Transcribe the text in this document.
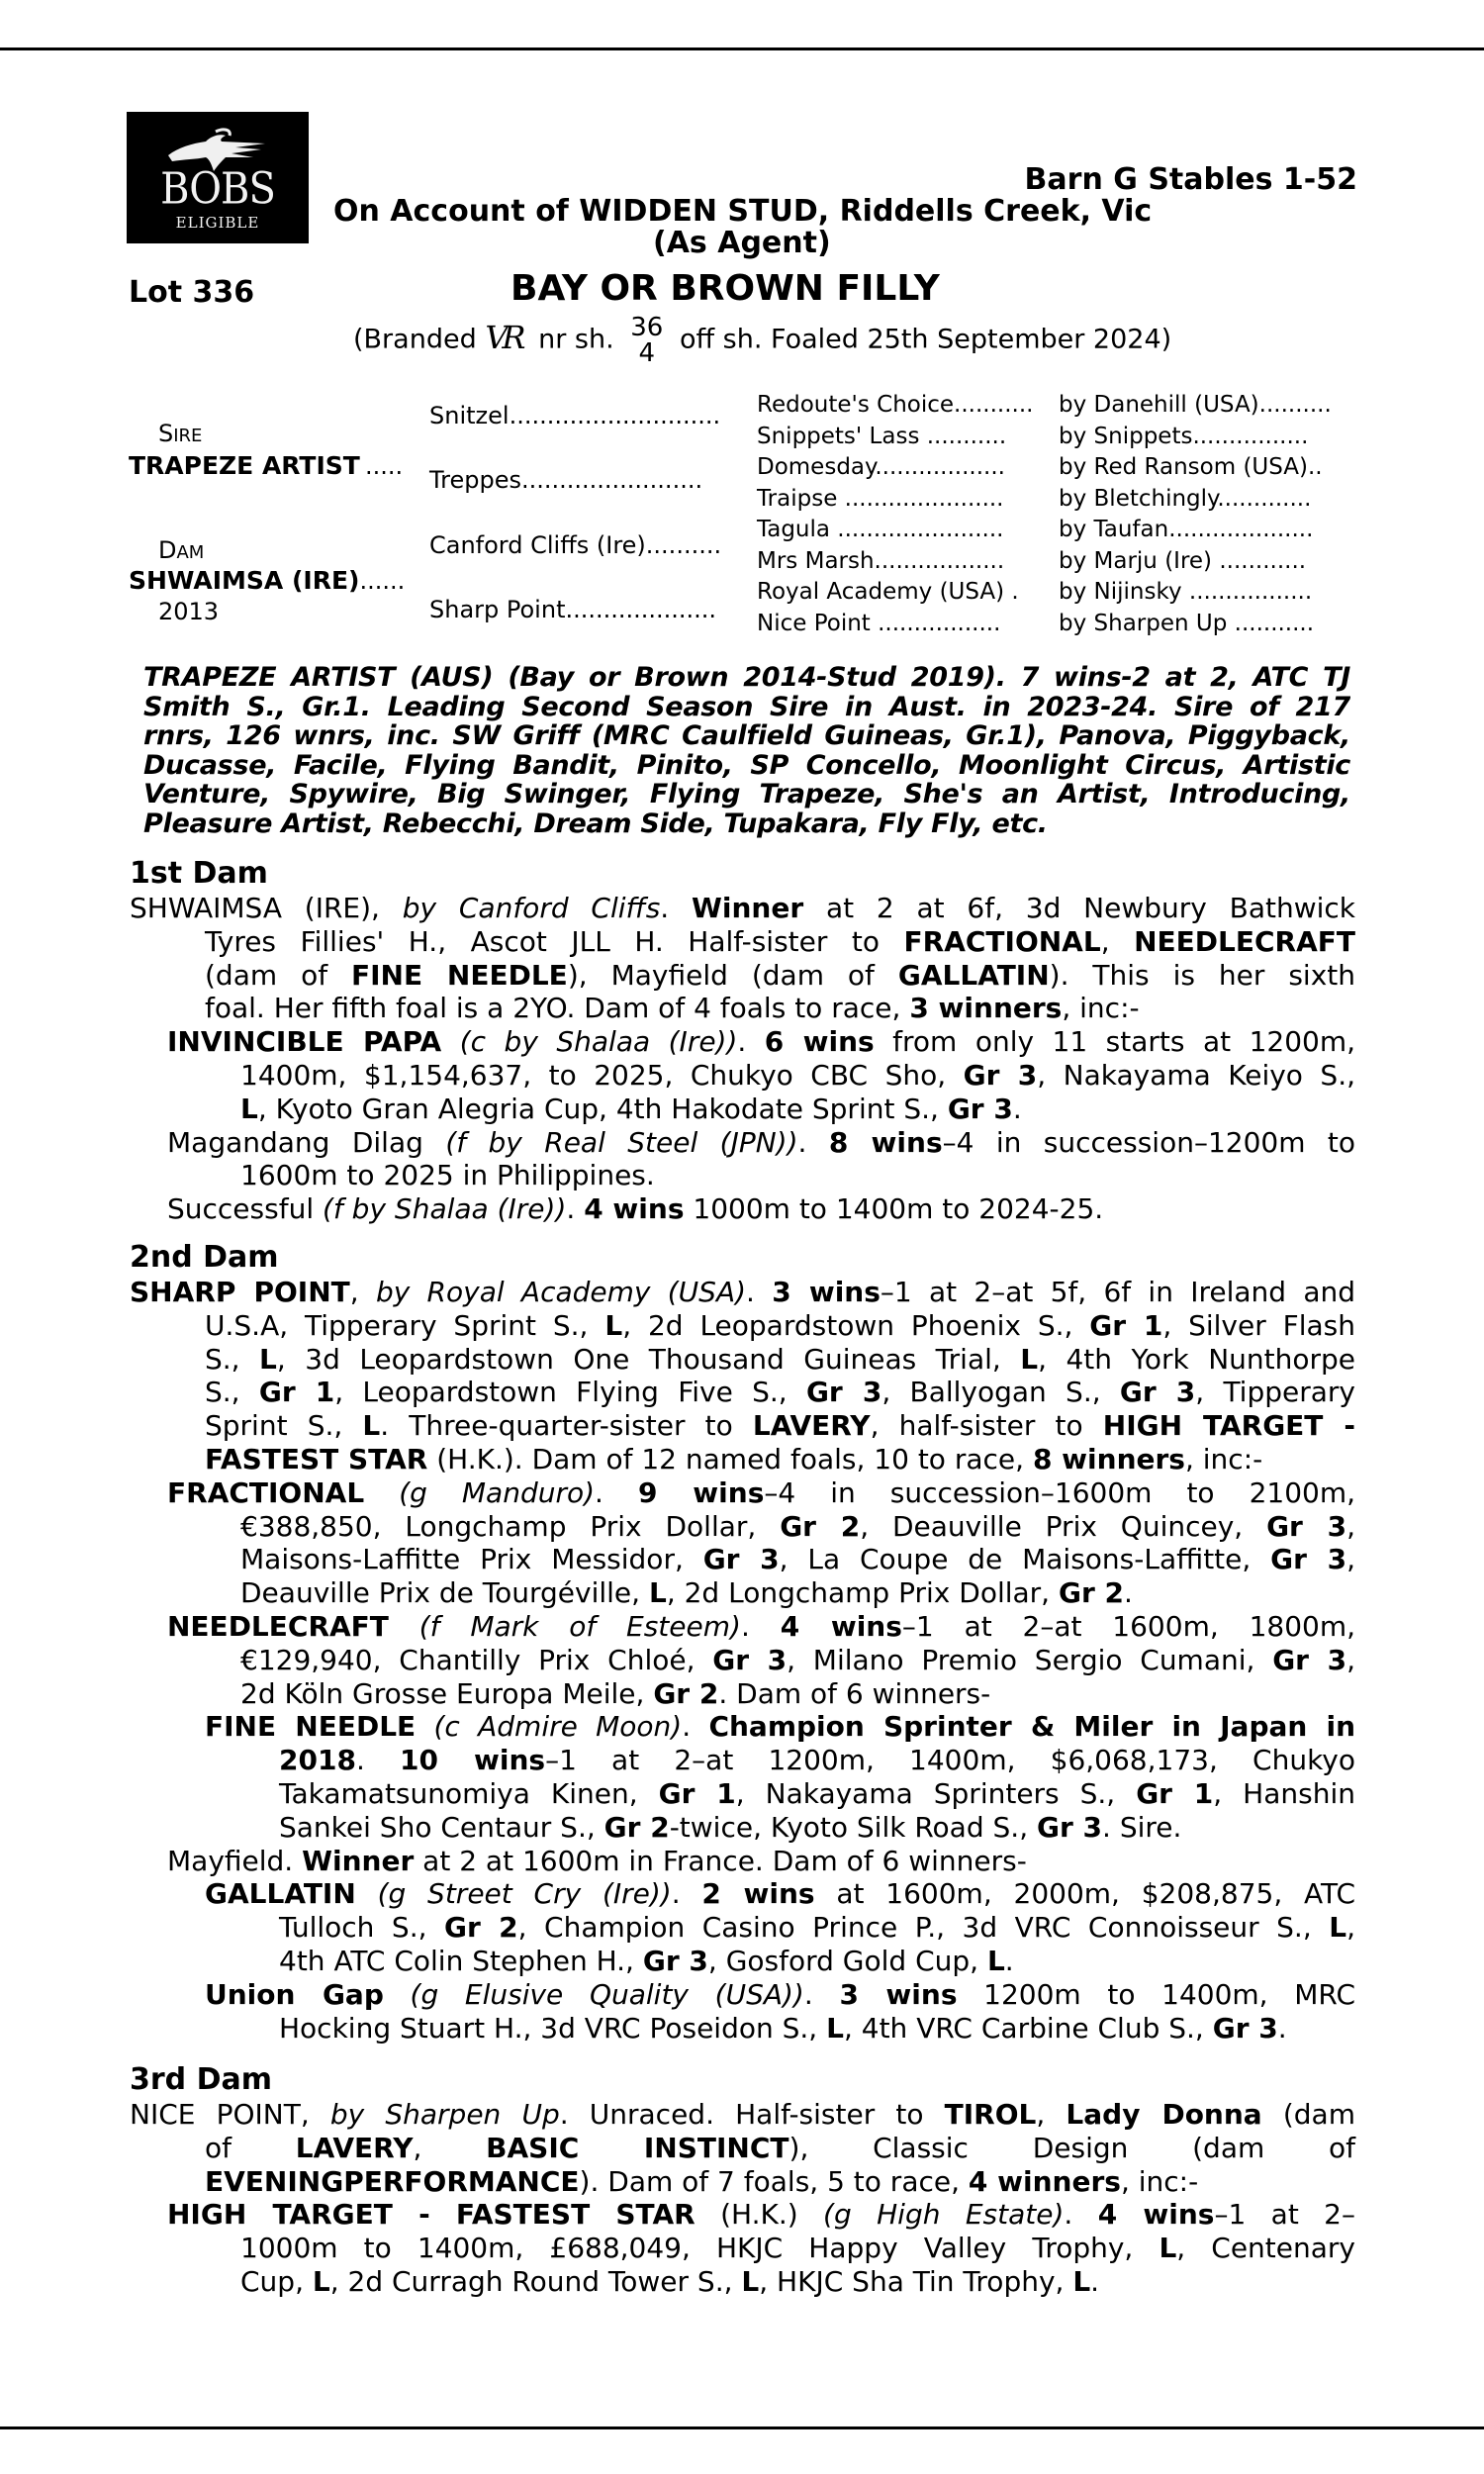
BOBS
ELIGIBLE
Barn G Stables 1-52
On Account of WIDDEN STUD, Riddells Creek, Vic
(As Agent)
Lot 336	BAY OR BROWN FILLY
(Branded VR nr sh. 36
4 off sh. Foaled 25th September 2024)
SIRE
TRAPEZE ARTIST .....
DAM
SHWAIMSA (IRE)......
2013
Snitzel............................
Treppes........................
Canford Cliffs (Ire)..........
Sharp Point....................
Redoute's Choice........... by Danehill (USA)..........
Snippets' Lass ........... by Snippets................
Domesday.................. by Red Ransom (USA)..
Traipse ...................... by Bletchingly.............
Tagula ....................... by Taufan....................
Mrs Marsh.................. by Marju (Ire) ............
Royal Academy (USA) . by Nijinsky .................
Nice Point .................	by Sharpen Up ...........
TRAPEZE ARTIST (AUS) (Bay or Brown 2014-Stud 2019). 7 wins-2 at 2, ATC TJ
Smith S., Gr.1. Leading Second Season Sire in Aust. in 2023-24. Sire of 217
rnrs, 126 wnrs, inc. SW Griff (MRC Caulfield Guineas, Gr.1), Panova, Piggyback,
Ducasse, Facile, Flying Bandit, Pinito, SP Concello, Moonlight Circus, Artistic
Venture, Spywire, Big Swinger, Flying Trapeze, She's an Artist, Introducing,
Pleasure Artist, Rebecchi, Dream Side, Tupakara, Fly Fly, etc.
1st Dam
SHWAIMSA (IRE), by Canford Cliffs. Winner at 2 at 6f, 3d Newbury Bathwick
Tyres Fillies' H., Ascot JLL H. Half-sister to FRACTIONAL, NEEDLECRAFT
(dam of FINE NEEDLE), Mayfield (dam of GALLATIN). This is her sixth
foal. Her fifth foal is a 2YO. Dam of 4 foals to race, 3 winners, inc:-
INVINCIBLE PAPA (c by Shalaa (Ire)). 6 wins from only 11 starts at 1200m,
1400m, $1,154,637, to 2025, Chukyo CBC Sho, Gr 3, Nakayama Keiyo S.,
L, Kyoto Gran Alegria Cup, 4th Hakodate Sprint S., Gr 3.
Magandang Dilag (f by Real Steel (JPN)). 8 wins–4 in succession–1200m to
1600m to 2025 in Philippines.
Successful (f by Shalaa (Ire)). 4 wins 1000m to 1400m to 2024-25.
2nd Dam
SHARP POINT, by Royal Academy (USA). 3 wins–1 at 2–at 5f, 6f in Ireland and
U.S.A, Tipperary Sprint S., L, 2d Leopardstown Phoenix S., Gr 1, Silver Flash
S., L, 3d Leopardstown One Thousand Guineas Trial, L, 4th York Nunthorpe
S., Gr 1, Leopardstown Flying Five S., Gr 3, Ballyogan S., Gr 3, Tipperary
Sprint S., L. Three-quarter-sister to LAVERY, half-sister to HIGH TARGET -
FASTEST STAR (H.K.). Dam of 12 named foals, 10 to race, 8 winners, inc:-
FRACTIONAL (g Manduro). 9 wins–4 in succession–1600m to 2100m,
€388,850, Longchamp Prix Dollar, Gr 2, Deauville Prix Quincey, Gr 3,
Maisons-Laffitte Prix Messidor, Gr 3, La Coupe de Maisons-Laffitte, Gr 3,
Deauville Prix de Tourgéville, L, 2d Longchamp Prix Dollar, Gr 2.
NEEDLECRAFT (f Mark of Esteem). 4 wins–1 at 2–at 1600m, 1800m,
€129,940, Chantilly Prix Chloé, Gr 3, Milano Premio Sergio Cumani, Gr 3,
2d Köln Grosse Europa Meile, Gr 2. Dam of 6 winners-
FINE NEEDLE (c Admire Moon). Champion Sprinter & Miler in Japan in
2018. 10 wins–1 at 2–at 1200m, 1400m, $6,068,173, Chukyo
Takamatsunomiya Kinen, Gr 1, Nakayama Sprinters S., Gr 1, Hanshin
Sankei Sho Centaur S., Gr 2-twice, Kyoto Silk Road S., Gr 3. Sire.
Mayfield. Winner at 2 at 1600m in France. Dam of 6 winners-
GALLATIN (g Street Cry (Ire)). 2 wins at 1600m, 2000m, $208,875, ATC
Tulloch S., Gr 2, Champion Casino Prince P., 3d VRC Connoisseur S., L,
4th ATC Colin Stephen H., Gr 3, Gosford Gold Cup, L.
Union Gap (g Elusive Quality (USA)). 3 wins 1200m to 1400m, MRC
Hocking Stuart H., 3d VRC Poseidon S., L, 4th VRC Carbine Club S., Gr 3.
3rd Dam
NICE POINT, by Sharpen Up. Unraced. Half-sister to TIROL, Lady Donna (dam
of LAVERY, BASIC INSTINCT), Classic Design (dam of
EVENINGPERFORMANCE). Dam of 7 foals, 5 to race, 4 winners, inc:-
HIGH TARGET - FASTEST STAR (H.K.) (g High Estate). 4 wins–1 at 2–
1000m to 1400m, £688,049, HKJC Happy Valley Trophy, L, Centenary
Cup, L, 2d Curragh Round Tower S., L, HKJC Sha Tin Trophy, L.
